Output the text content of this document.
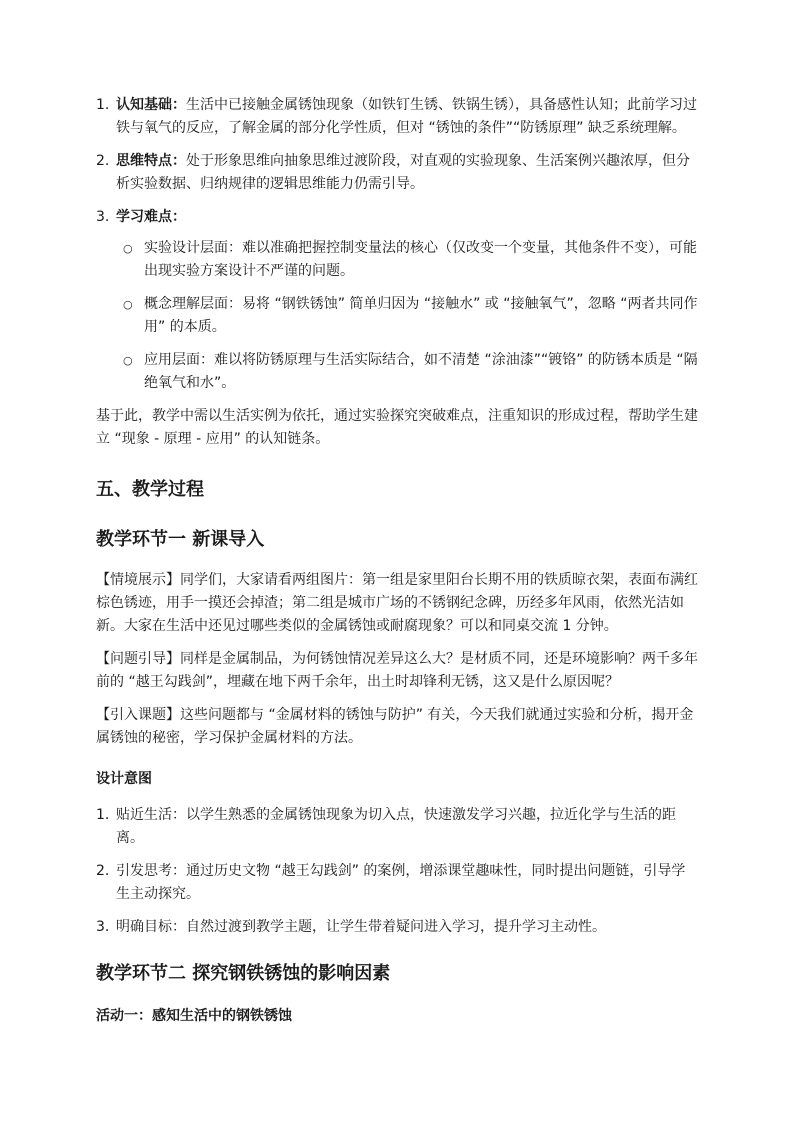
1. 认知基础：生活中已接触金属锈蚀现象（如铁钉生锈、铁锅生锈），具备感性认知；此前学习过铁与氧气的反应，了解金属的部分化学性质，但对 “锈蚀的条件”“防锈原理” 缺乏系统理解。
2. 思维特点：处于形象思维向抽象思维过渡阶段，对直观的实验现象、生活案例兴趣浓厚，但分析实验数据、归纳规律的逻辑思维能力仍需引导。
3. 学习难点：
○ 实验设计层面：难以准确把握控制变量法的核心（仅改变一个变量，其他条件不变），可能出现实验方案设计不严谨的问题。
○ 概念理解层面：易将 “钢铁锈蚀” 简单归因为 “接触水” 或 “接触氧气”，忽略 “两者共同作用” 的本质。
○ 应用层面：难以将防锈原理与生活实际结合，如不清楚 “涂油漆”“镀铬” 的防锈本质是 “隔绝氧气和水”。

基于此，教学中需以生活实例为依托，通过实验探究突破难点，注重知识的形成过程，帮助学生建立 “现象 - 原理 - 应用” 的认知链条。

五、教学过程
教学环节一 新课导入

【情境展示】同学们，大家请看两组图片：第一组是家里阳台长期不用的铁质晾衣架，表面布满红棕色锈迹，用手一摸还会掉渣；第二组是城市广场的不锈钢纪念碑，历经多年风雨，依然光洁如新。大家在生活中还见过哪些类似的金属锈蚀或耐腐现象？可以和同桌交流 1 分钟。

【问题引导】同样是金属制品，为何锈蚀情况差异这么大？是材质不同，还是环境影响？两千多年前的 “越王勾践剑”，埋藏在地下两千余年，出土时却锋利无锈，这又是什么原因呢？

【引入课题】这些问题都与 “金属材料的锈蚀与防护” 有关，今天我们就通过实验和分析，揭开金属锈蚀的秘密，学习保护金属材料的方法。

设计意图
1. 贴近生活：以学生熟悉的金属锈蚀现象为切入点，快速激发学习兴趣，拉近化学与生活的距离。
2. 引发思考：通过历史文物 “越王勾践剑” 的案例，增添课堂趣味性，同时提出问题链，引导学生主动探究。
3. 明确目标：自然过渡到教学主题，让学生带着疑问进入学习，提升学习主动性。
教学环节二 探究钢铁锈蚀的影响因素
活动一：感知生活中的钢铁锈蚀
